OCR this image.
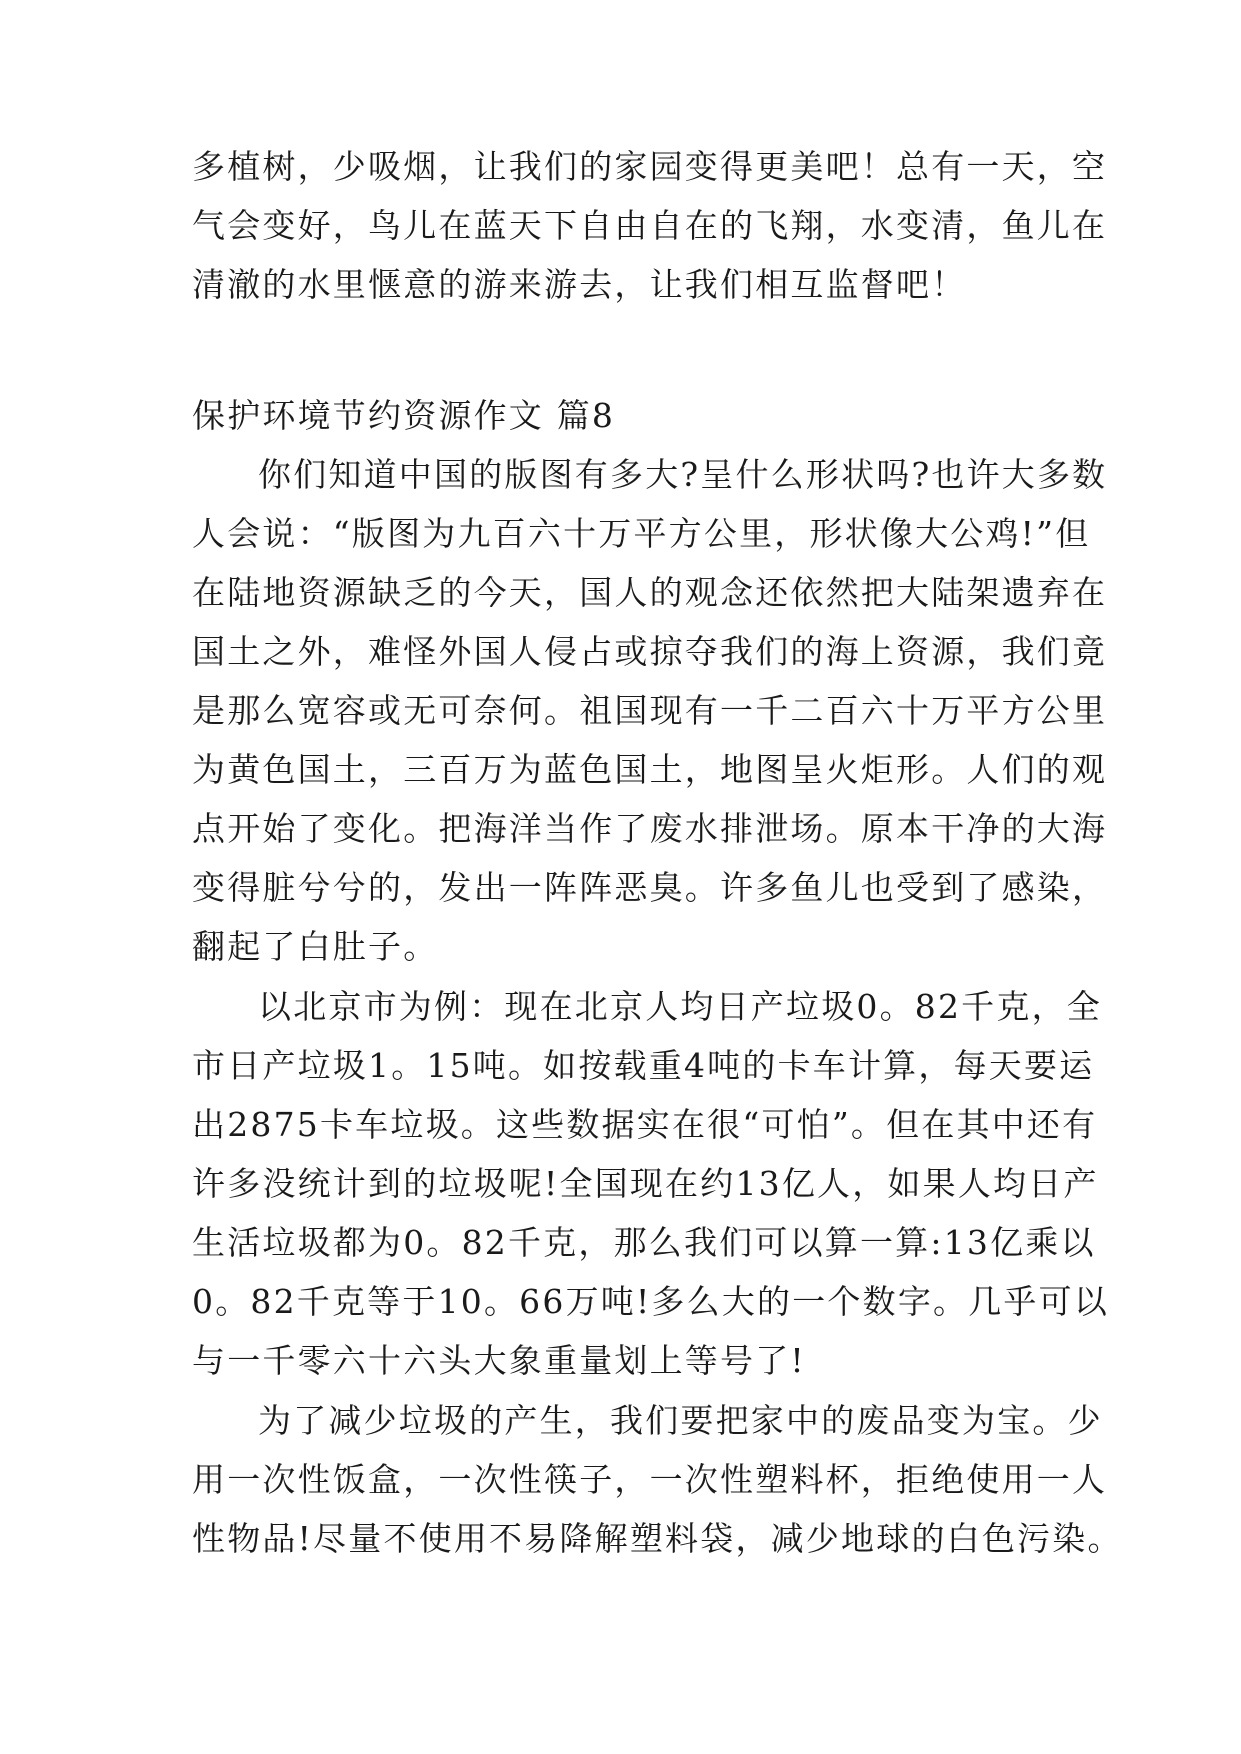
多植树，少吸烟，让我们的家园变得更美吧！总有一天，空
气会变好，鸟儿在蓝天下自由自在的飞翔，水变清，鱼儿在
清澈的水里惬意的游来游去，让我们相互监督吧！

保护环境节约资源作文 篇8

你们知道中国的版图有多大?呈什么形状吗?也许大多数
人会说：“版图为九百六十万平方公里，形状像大公鸡!”但
在陆地资源缺乏的今天，国人的观念还依然把大陆架遗弃在
国土之外，难怪外国人侵占或掠夺我们的海上资源，我们竟
是那么宽容或无可奈何。祖国现有一千二百六十万平方公里
为黄色国土，三百万为蓝色国土，地图呈火炬形。人们的观
点开始了变化。把海洋当作了废水排泄场。原本干净的大海
变得脏兮兮的，发出一阵阵恶臭。许多鱼儿也受到了感染，
翻起了白肚子。

以北京市为例：现在北京人均日产垃圾0。82千克，全
市日产垃圾1。15吨。如按载重4吨的卡车计算，每天要运
出2875卡车垃圾。这些数据实在很“可怕”。但在其中还有
许多没统计到的垃圾呢!全国现在约13亿人，如果人均日产
生活垃圾都为0。82千克，那么我们可以算一算:13亿乘以
0。82千克等于10。66万吨!多么大的一个数字。几乎可以
与一千零六十六头大象重量划上等号了!

为了减少垃圾的产生，我们要把家中的废品变为宝。少
用一次性饭盒，一次性筷子，一次性塑料杯，拒绝使用一人
性物品!尽量不使用不易降解塑料袋，减少地球的白色污染。
